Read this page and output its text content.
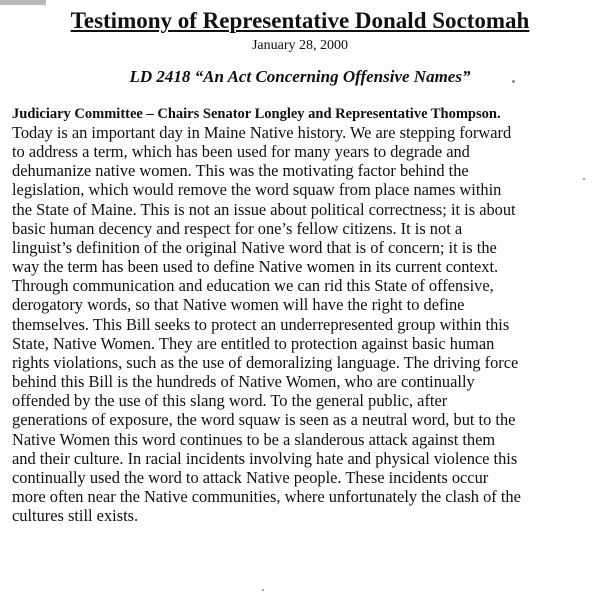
Testimony of Representative Donald Soctomah
January 28, 2000
LD 2418 “An Act Concerning Offensive Names”
Judiciary Committee – Chairs Senator Longley and Representative Thompson.
Today is an important day in Maine Native history. We are stepping forward
to address a term, which has been used for many years to degrade and
dehumanize native women. This was the motivating factor behind the
legislation, which would remove the word squaw from place names within
the State of Maine. This is not an issue about political correctness; it is about
basic human decency and respect for one’s fellow citizens. It is not a
linguist’s definition of the original Native word that is of concern; it is the
way the term has been used to define Native women in its current context.
Through communication and education we can rid this State of offensive,
derogatory words, so that Native women will have the right to define
themselves. This Bill seeks to protect an underrepresented group within this
State, Native Women. They are entitled to protection against basic human
rights violations, such as the use of demoralizing language. The driving force
behind this Bill is the hundreds of Native Women, who are continually
offended by the use of this slang word. To the general public, after
generations of exposure, the word squaw is seen as a neutral word, but to the
Native Women this word continues to be a slanderous attack against them
and their culture. In racial incidents involving hate and physical violence this
continually used the word to attack Native people. These incidents occur
more often near the Native communities, where unfortunately the clash of the
cultures still exists.
